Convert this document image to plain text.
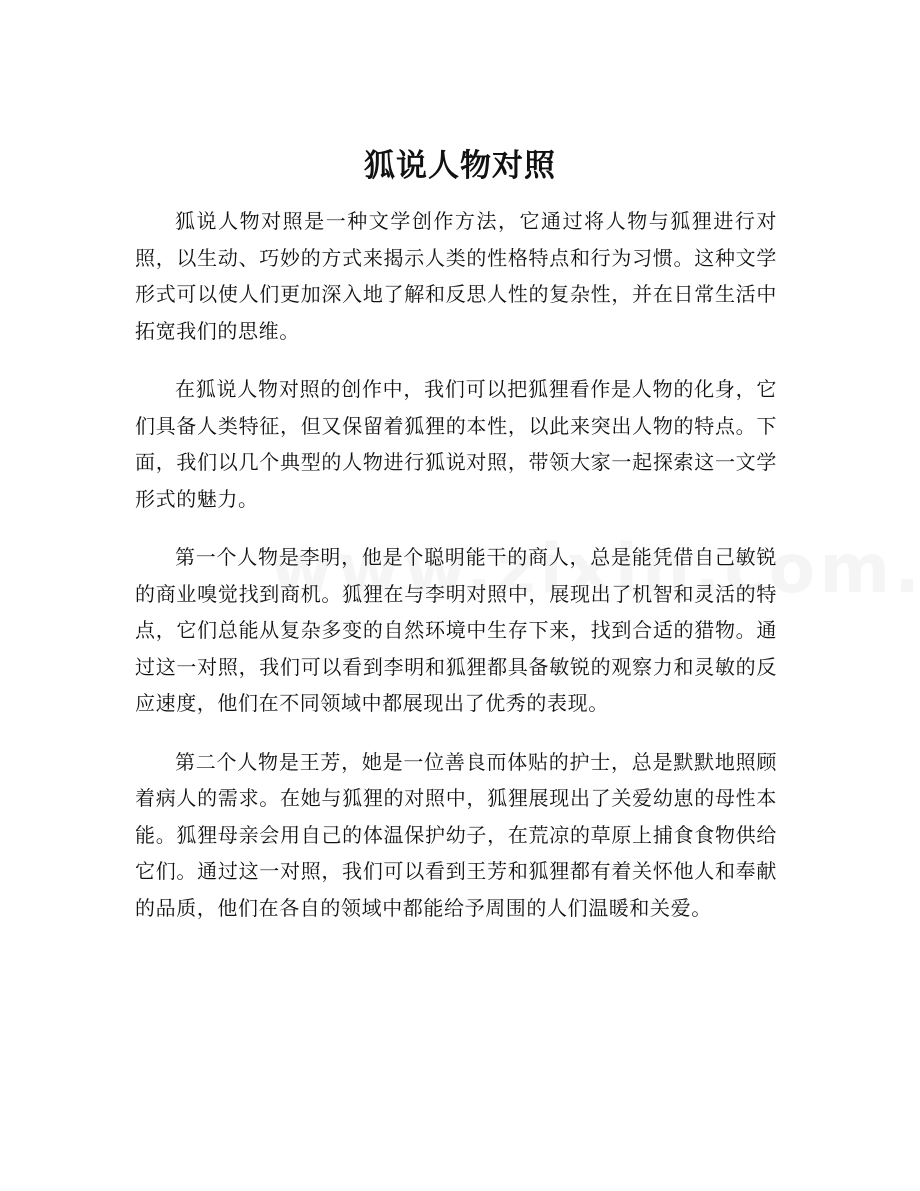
狐说人物对照

狐说人物对照是一种文学创作方法，它通过将人物与狐狸进行对照，以生动、巧妙的方式来揭示人类的性格特点和行为习惯。这种文学形式可以使人们更加深入地了解和反思人性的复杂性，并在日常生活中拓宽我们的思维。

在狐说人物对照的创作中，我们可以把狐狸看作是人物的化身，它们具备人类特征，但又保留着狐狸的本性，以此来突出人物的特点。下面，我们以几个典型的人物进行狐说对照，带领大家一起探索这一文学形式的魅力。

第一个人物是李明，他是个聪明能干的商人，总是能凭借自己敏锐的商业嗅觉找到商机。狐狸在与李明对照中，展现出了机智和灵活的特点，它们总能从复杂多变的自然环境中生存下来，找到合适的猎物。通过这一对照，我们可以看到李明和狐狸都具备敏锐的观察力和灵敏的反应速度，他们在不同领域中都展现出了优秀的表现。

第二个人物是王芳，她是一位善良而体贴的护士，总是默默地照顾着病人的需求。在她与狐狸的对照中，狐狸展现出了关爱幼崽的母性本能。狐狸母亲会用自己的体温保护幼子，在荒凉的草原上捕食食物供给它们。通过这一对照，我们可以看到王芳和狐狸都有着关怀他人和奉献的品质，他们在各自的领域中都能给予周围的人们温暖和关爱。
